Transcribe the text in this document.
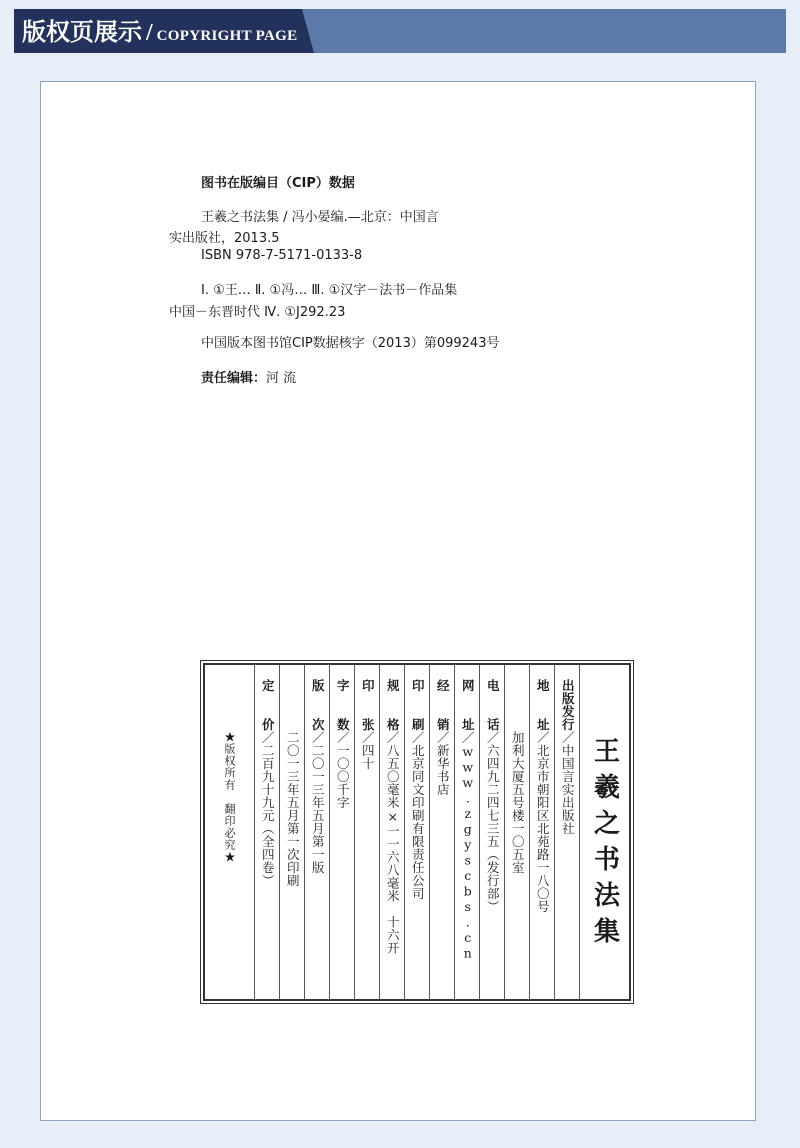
版权页展示 / COPYRIGHT PAGE
图书在版编目（CIP）数据
王羲之书法集 / 冯小晏编.—北京：中国言
实出版社，2013.5
ISBN 978-7-5171-0133-8
Ⅰ. ①王… Ⅱ. ①冯… Ⅲ. ①汉字－法书－作品集
中国－东晋时代 Ⅳ. ①J292.23
中国版本图书馆CIP数据核字（2013）第099243号
责任编辑：河 流
王羲之书法集
出版发行／中国言实出版社
地　　址／北京市朝阳区北苑路一八〇号
加利大厦五号楼一〇五室
电　　话／六四九二四七三五（发行部）
网　　址／www.zgyscbs.cn
经　　销／新华书店
印　　刷／北京同文印刷有限责任公司
规　　格／八五〇毫米×一一六八毫米　十六开
印　　张／四十
字　　数／一〇〇千字
版　　次／二〇一三年五月第一版
二〇一三年五月第一次印刷
定　　价／二百九十九元（全四卷）
★版权所有　翻印必究★
